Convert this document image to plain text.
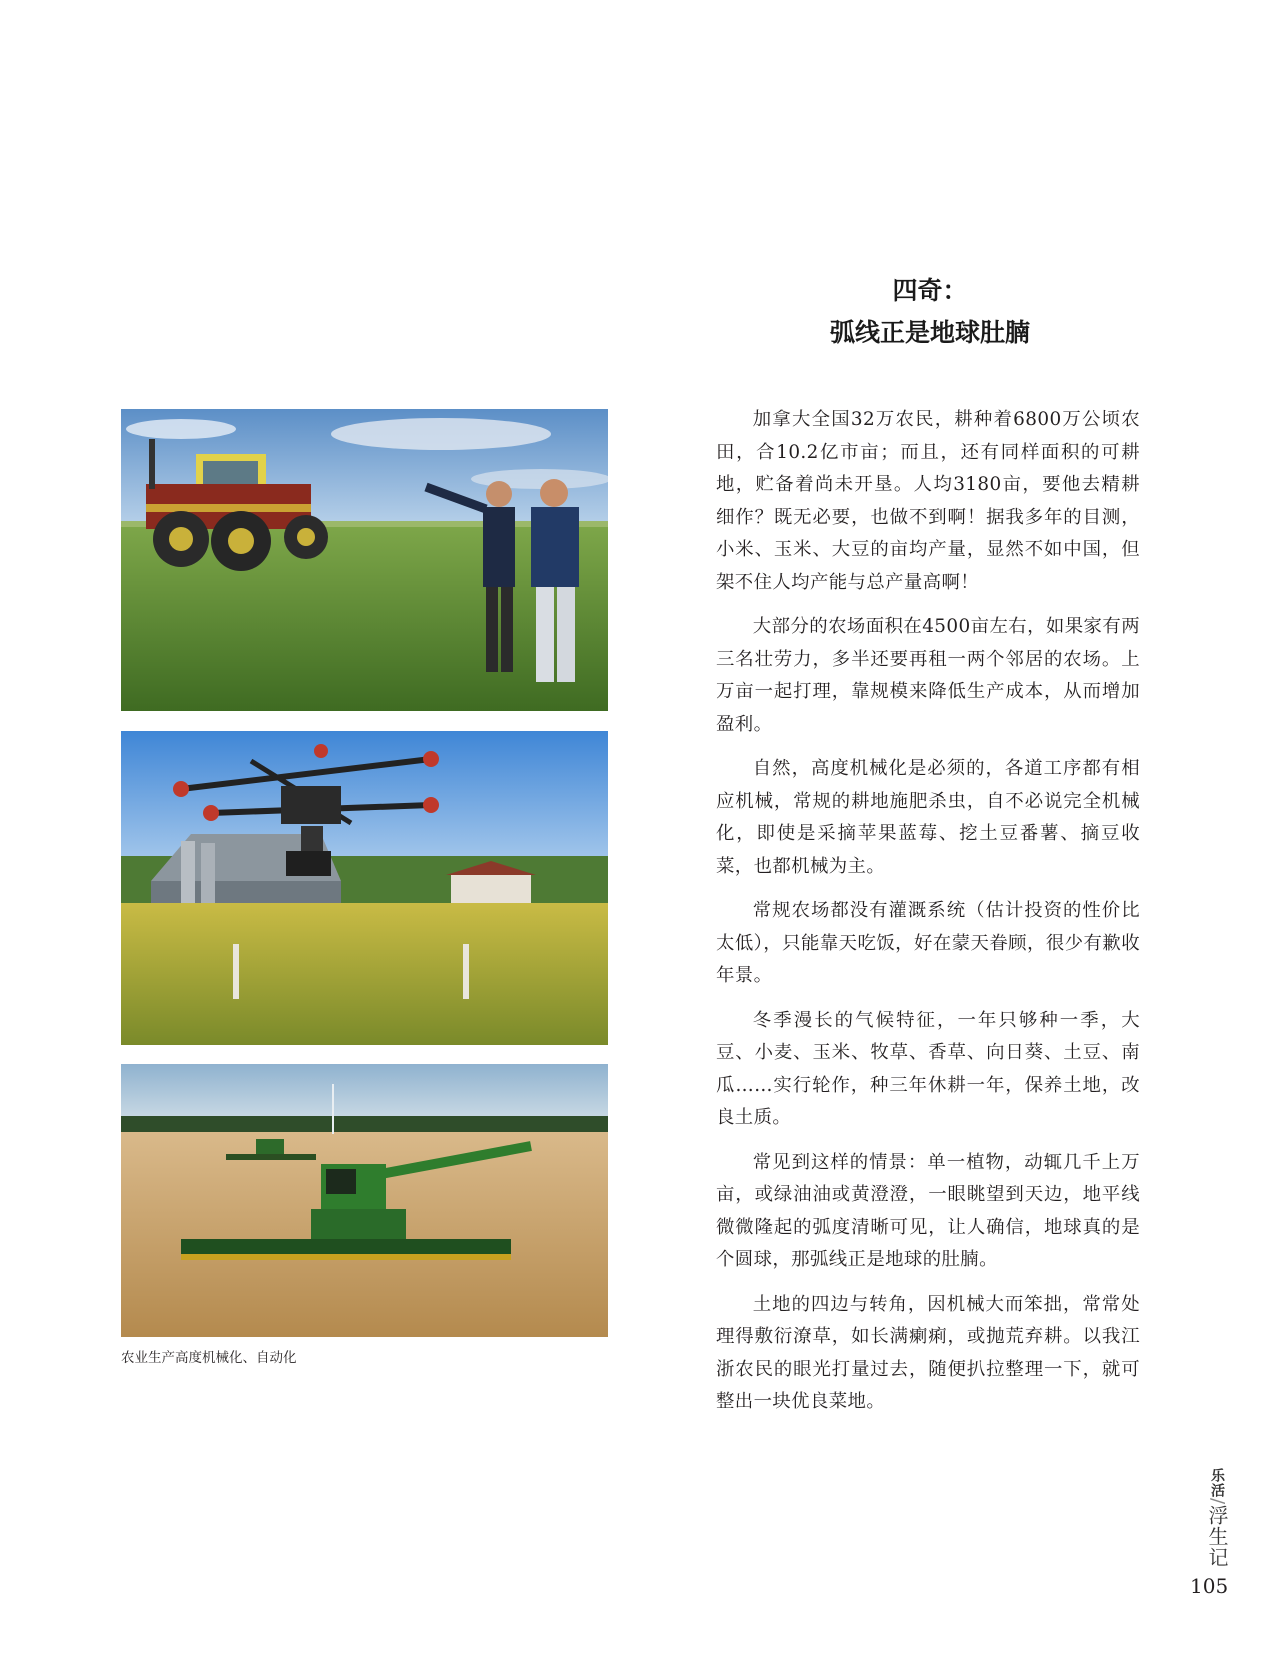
四奇：
弧线正是地球肚腩

加拿大全国32万农民，耕种着6800万公顷农田，合10.2亿市亩；而且，还有同样面积的可耕地，贮备着尚未开垦。人均3180亩，要他去精耕细作？既无必要，也做不到啊！据我多年的目测，小米、玉米、大豆的亩均产量，显然不如中国，但架不住人均产能与总产量高啊！

大部分的农场面积在4500亩左右，如果家有两三名壮劳力，多半还要再租一两个邻居的农场。上万亩一起打理，靠规模来降低生产成本，从而增加盈利。

自然，高度机械化是必须的，各道工序都有相应机械，常规的耕地施肥杀虫，自不必说完全机械化，即使是采摘苹果蓝莓、挖土豆番薯、摘豆收菜，也都机械为主。

常规农场都没有灌溉系统（估计投资的性价比太低），只能靠天吃饭，好在蒙天眷顾，很少有歉收年景。

冬季漫长的气候特征，一年只够种一季，大豆、小麦、玉米、牧草、香草、向日葵、土豆、南瓜……实行轮作，种三年休耕一年，保养土地，改良土质。

常见到这样的情景：单一植物，动辄几千上万亩，或绿油油或黄澄澄，一眼眺望到天边，地平线微微隆起的弧度清晰可见，让人确信，地球真的是个圆球，那弧线正是地球的肚腩。

土地的四边与转角，因机械大而笨拙，常常处理得敷衍潦草，如长满瘌痢，或抛荒弃耕。以我江浙农民的眼光打量过去，随便扒拉整理一下，就可整出一块优良菜地。

农业生产高度机械化、自动化
乐活/浮生记
105
